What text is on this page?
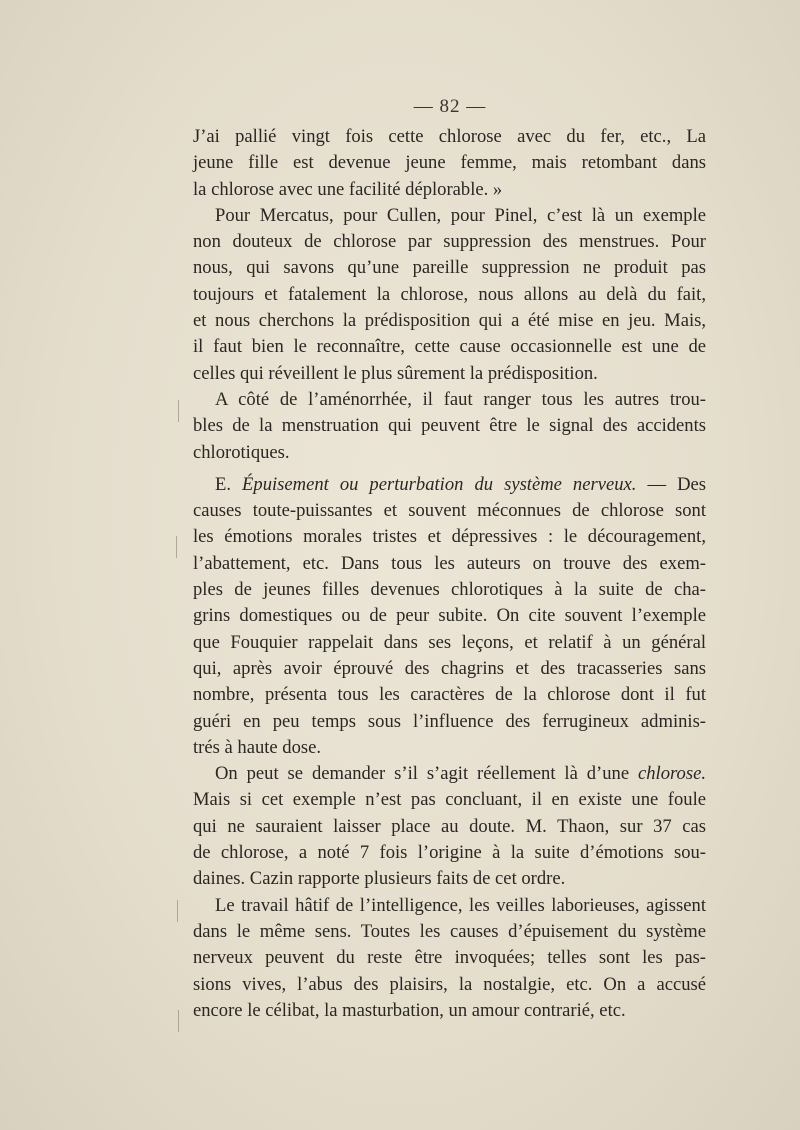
— 82 —
J’ai pallié vingt fois cette chlorose avec du fer, etc., La
jeune fille est devenue jeune femme, mais retombant dans
la chlorose avec une facilité déplorable. »
Pour Mercatus, pour Cullen, pour Pinel, c’est là un exemple
non douteux de chlorose par suppression des menstrues. Pour
nous, qui savons qu’une pareille suppression ne produit pas
toujours et fatalement la chlorose, nous allons au delà du fait,
et nous cherchons la prédisposition qui a été mise en jeu. Mais,
il faut bien le reconnaître, cette cause occasionnelle est une de
celles qui réveillent le plus sûrement la prédisposition.
A côté de l’aménorrhée, il faut ranger tous les autres trou-
bles de la menstruation qui peuvent être le signal des accidents
chlorotiques.
E. Épuisement ou perturbation du système nerveux. — Des
causes toute-puissantes et souvent méconnues de chlorose sont
les émotions morales tristes et dépressives : le découragement,
l’abattement, etc. Dans tous les auteurs on trouve des exem-
ples de jeunes filles devenues chlorotiques à la suite de cha-
grins domestiques ou de peur subite. On cite souvent l’exemple
que Fouquier rappelait dans ses leçons, et relatif à un général
qui, après avoir éprouvé des chagrins et des tracasseries sans
nombre, présenta tous les caractères de la chlorose dont il fut
guéri en peu temps sous l’influence des ferrugineux adminis-
trés à haute dose.
On peut se demander s’il s’agit réellement là d’une chlorose.
Mais si cet exemple n’est pas concluant, il en existe une foule
qui ne sauraient laisser place au doute. M. Thaon, sur 37 cas
de chlorose, a noté 7 fois l’origine à la suite d’émotions sou-
daines. Cazin rapporte plusieurs faits de cet ordre.
Le travail hâtif de l’intelligence, les veilles laborieuses, agissent
dans le même sens. Toutes les causes d’épuisement du système
nerveux peuvent du reste être invoquées; telles sont les pas-
sions vives, l’abus des plaisirs, la nostalgie, etc. On a accusé
encore le célibat, la masturbation, un amour contrarié, etc.
